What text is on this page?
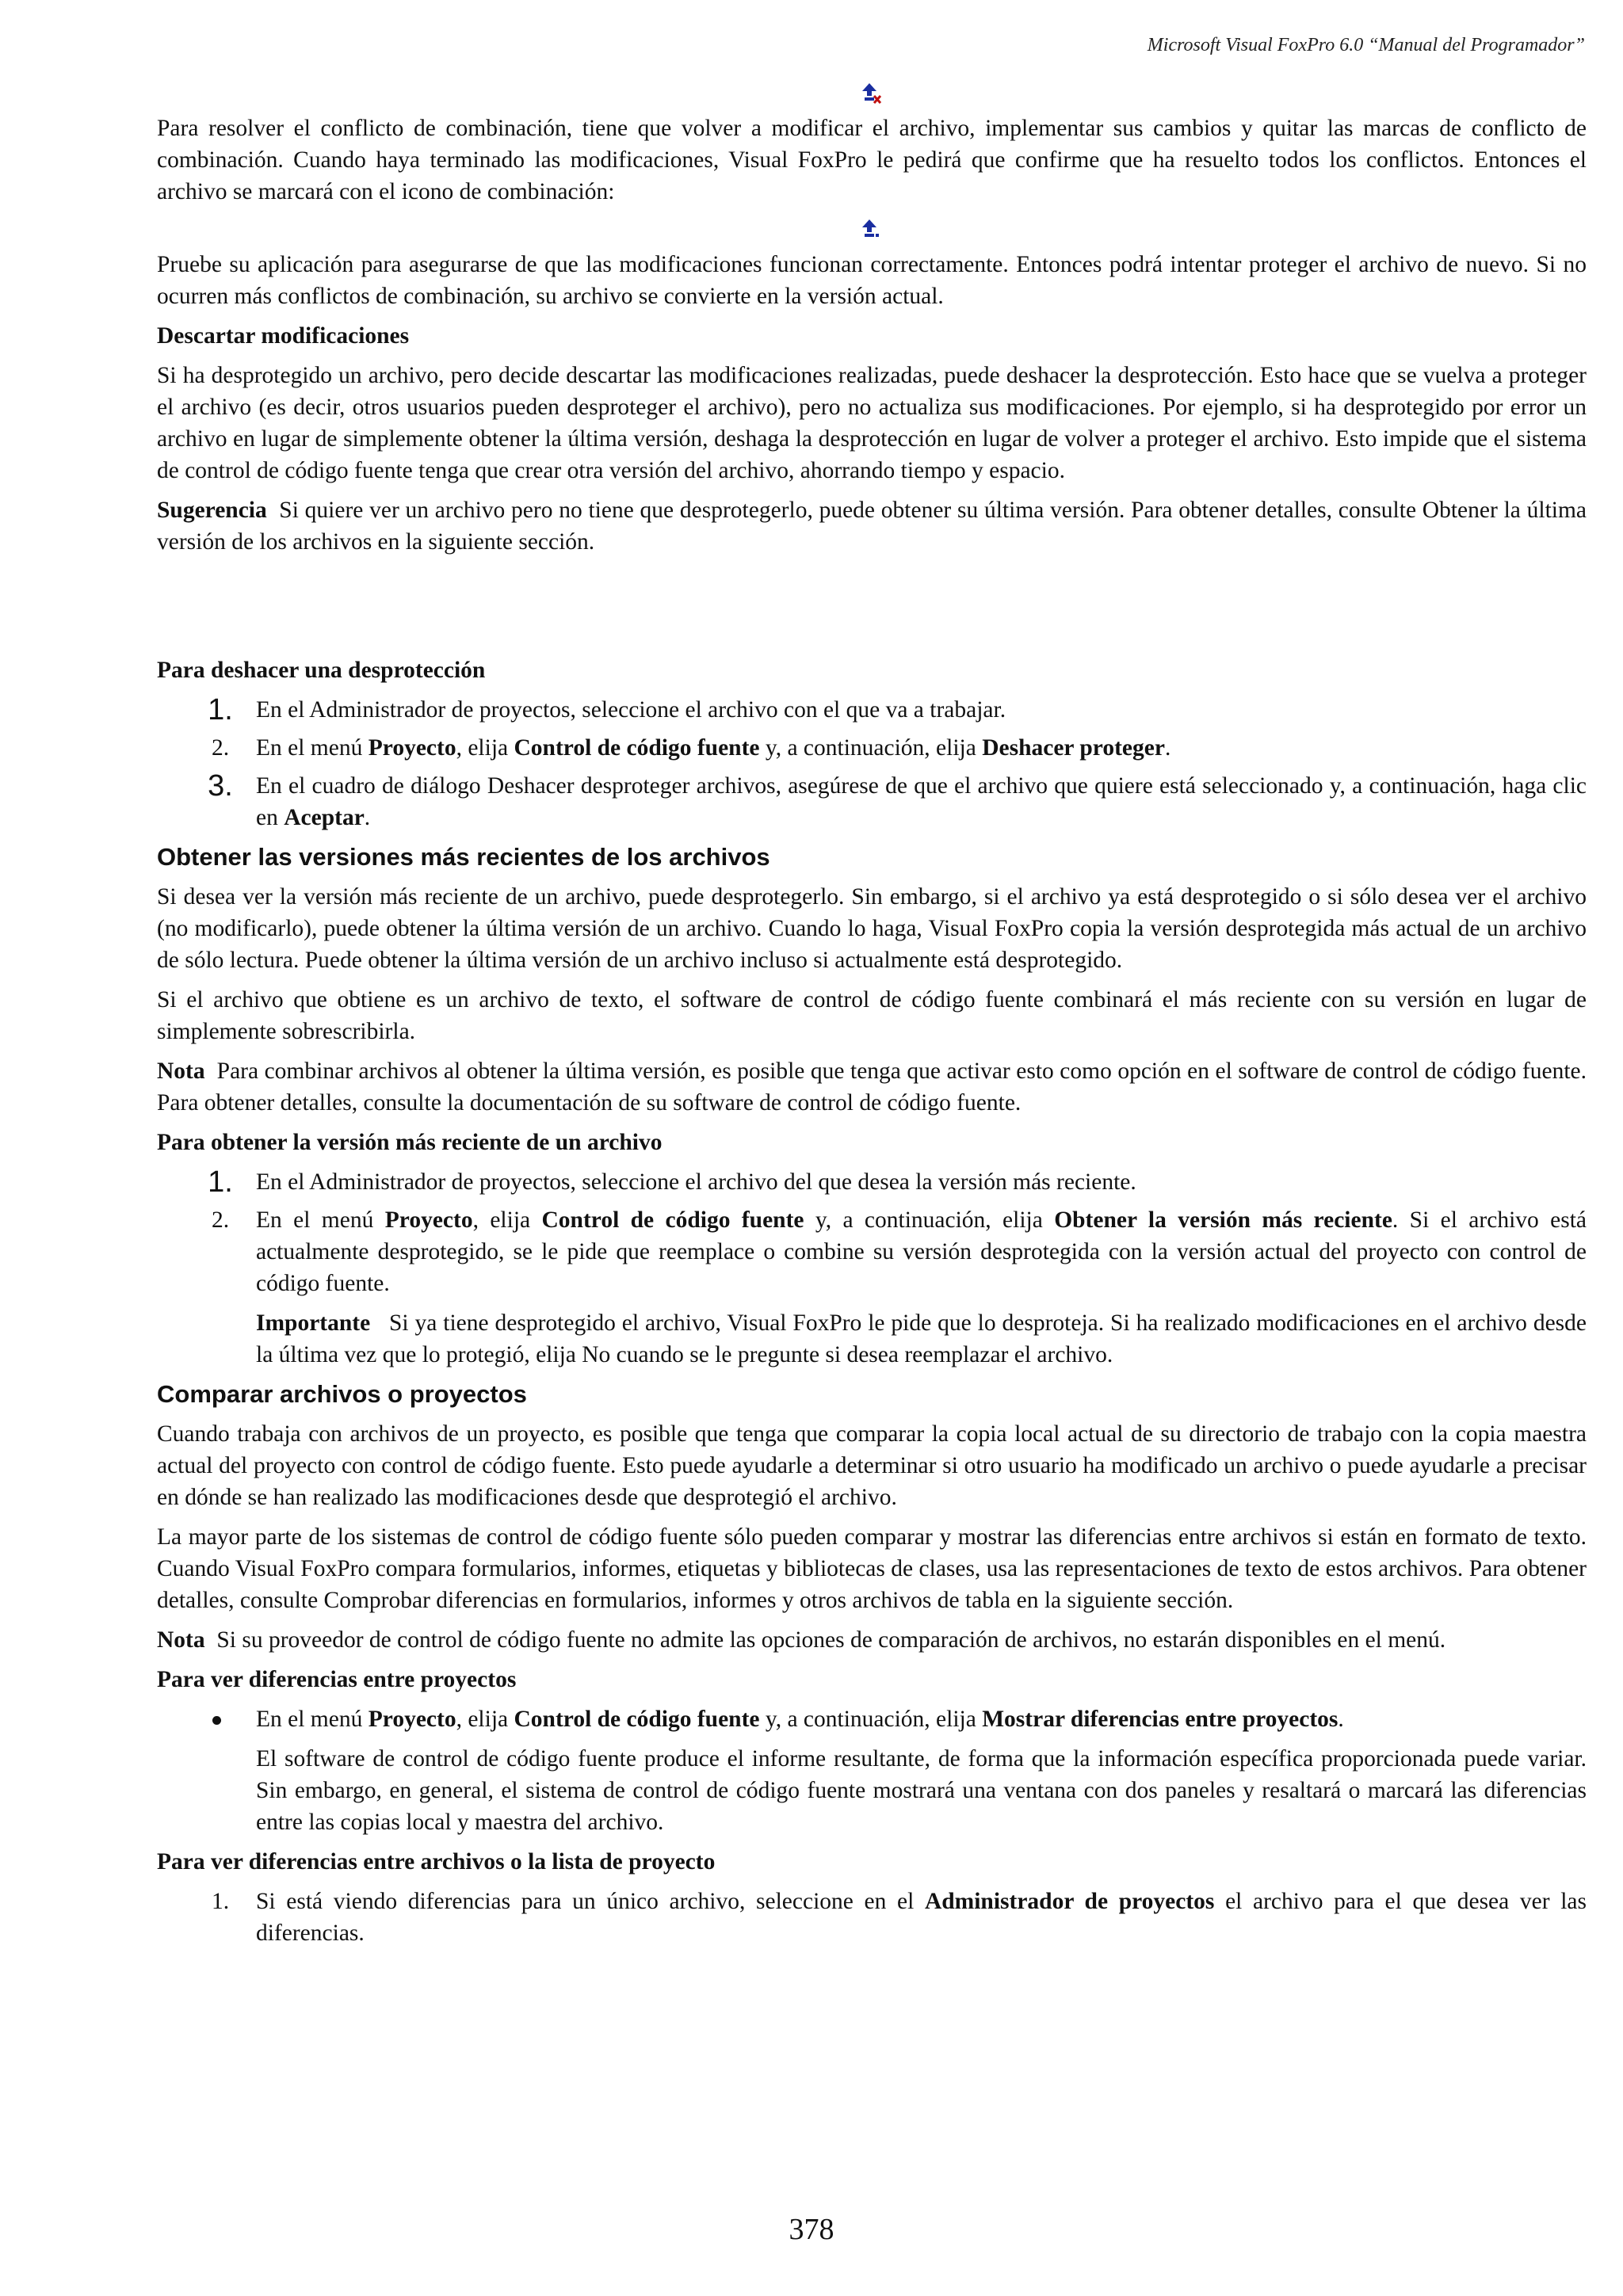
Microsoft Visual FoxPro 6.0 “Manual del Programador”

Para resolver el conflicto de combinación, tiene que volver a modificar el archivo, implementar sus cambios y quitar las marcas de conflicto de combinación. Cuando haya terminado las modificaciones, Visual FoxPro le pedirá que confirme que ha resuelto todos los conflictos. Entonces el archivo se marcará con el icono de combinación:

Pruebe su aplicación para asegurarse de que las modificaciones funcionan correctamente. Entonces podrá intentar proteger el archivo de nuevo. Si no ocurren más conflictos de combinación, su archivo se convierte en la versión actual.

Descartar modificaciones

Si ha desprotegido un archivo, pero decide descartar las modificaciones realizadas, puede deshacer la desprotección. Esto hace que se vuelva a proteger el archivo (es decir, otros usuarios pueden desproteger el archivo), pero no actualiza sus modificaciones. Por ejemplo, si ha desprotegido por error un archivo en lugar de simplemente obtener la última versión, deshaga la desprotección en lugar de volver a proteger el archivo. Esto impide que el sistema de control de código fuente tenga que crear otra versión del archivo, ahorrando tiempo y espacio.

Sugerencia Si quiere ver un archivo pero no tiene que desprotegerlo, puede obtener su última versión. Para obtener detalles, consulte Obtener la última versión de los archivos en la siguiente sección.

Para deshacer una desprotección

1. En el Administrador de proyectos, seleccione el archivo con el que va a trabajar.
2.	En el menú Proyecto, elija Control de código fuente y, a continuación, elija Deshacer proteger.
3. En el cuadro de diálogo Deshacer desproteger archivos, asegúrese de que el archivo que quiere está seleccionado y, a continuación, haga clic en Aceptar.
Obtener las versiones más recientes de los archivos

Si desea ver la versión más reciente de un archivo, puede desprotegerlo. Sin embargo, si el archivo ya está desprotegido o si sólo desea ver el archivo (no modificarlo), puede obtener la última versión de un archivo. Cuando lo haga, Visual FoxPro copia la versión desprotegida más actual de un archivo de sólo lectura. Puede obtener la última versión de un archivo incluso si actualmente está desprotegido.

Si el archivo que obtiene es un archivo de texto, el software de control de código fuente combinará el más reciente con su versión en lugar de simplemente sobrescribirla.

Nota Para combinar archivos al obtener la última versión, es posible que tenga que activar esto como opción en el software de control de código fuente. Para obtener detalles, consulte la documentación de su software de control de código fuente.

Para obtener la versión más reciente de un archivo

1. En el Administrador de proyectos, seleccione el archivo del que desea la versión más reciente.
2.	En el menú Proyecto, elija Control de código fuente y, a continuación, elija Obtener la versión más reciente. Si el archivo está actualmente desprotegido, se le pide que reemplace o combine su versión desprotegida con la versión actual del proyecto con control de código fuente.

Importante Si ya tiene desprotegido el archivo, Visual FoxPro le pide que lo desproteja. Si ha realizado modificaciones en el archivo desde la última vez que lo protegió, elija No cuando se le pregunte si desea reemplazar el archivo.

Comparar archivos o proyectos

Cuando trabaja con archivos de un proyecto, es posible que tenga que comparar la copia local actual de su directorio de trabajo con la copia maestra actual del proyecto con control de código fuente. Esto puede ayudarle a determinar si otro usuario ha modificado un archivo o puede ayudarle a precisar en dónde se han realizado las modificaciones desde que desprotegió el archivo.

La mayor parte de los sistemas de control de código fuente sólo pueden comparar y mostrar las diferencias entre archivos si están en formato de texto. Cuando Visual FoxPro compara formularios, informes, etiquetas y bibliotecas de clases, usa las representaciones de texto de estos archivos. Para obtener detalles, consulte Comprobar diferencias en formularios, informes y otros archivos de tabla en la siguiente sección.

Nota Si su proveedor de control de código fuente no admite las opciones de comparación de archivos, no estarán disponibles en el menú.

Para ver diferencias entre proyectos

En el menú Proyecto, elija Control de código fuente y, a continuación, elija Mostrar diferencias entre proyectos.

El software de control de código fuente produce el informe resultante, de forma que la información específica proporcionada puede variar. Sin embargo, en general, el sistema de control de código fuente mostrará una ventana con dos paneles y resaltará o marcará las diferencias entre las copias local y maestra del archivo.

Para ver diferencias entre archivos o la lista de proyecto

1.	Si está viendo diferencias para un único archivo, seleccione en el Administrador de proyectos el archivo para el que desea ver las diferencias.
378
